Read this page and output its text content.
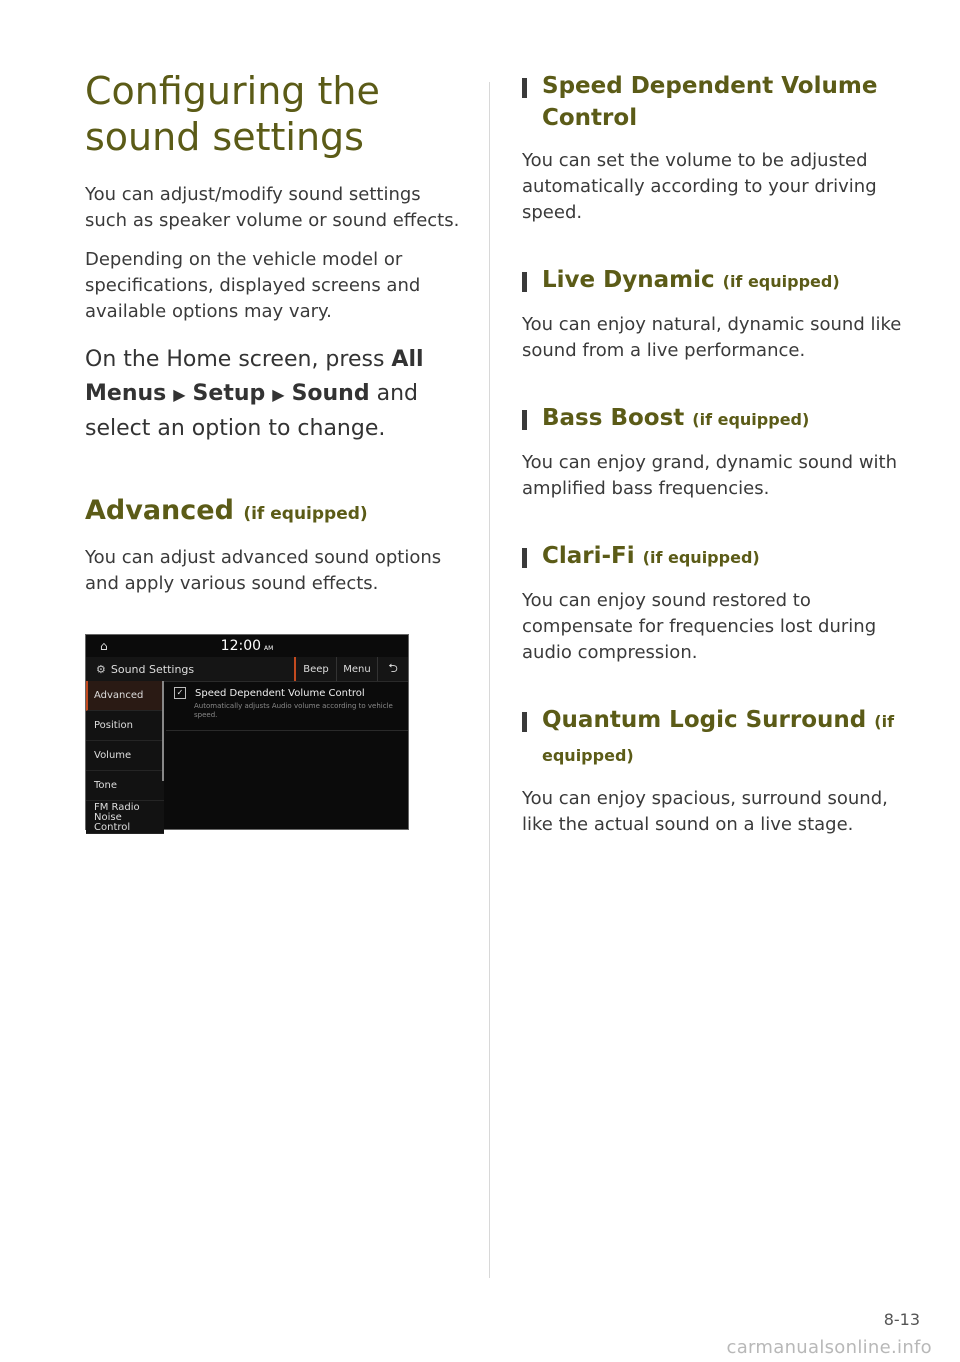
Configuring the sound settings

You can adjust/modify sound settings such as speaker volume or sound effects.

Depending on the vehicle model or specifications, displayed screens and available options may vary.

On the Home screen, press All Menus ▶ Setup ▶ Sound and select an option to change.

Advanced (if equipped)

You can adjust advanced sound options and apply various sound effects.

⌂	12:00 AM
⚙ Sound Settings	Beep	Menu	⮌
Advanced
Position
Volume
Tone
FM Radio
Noise
Control
✓ Speed Dependent Volume Control
Automatically adjusts Audio volume according to vehicle speed.
Speed Dependent Volume Control
You can set the volume to be adjusted automatically according to your driving speed.
Live Dynamic (if equipped)
You can enjoy natural, dynamic sound like sound from a live performance.
Bass Boost (if equipped)
You can enjoy grand, dynamic sound with amplified bass frequencies.
Clari-Fi (if equipped)
You can enjoy sound restored to compensate for frequencies lost during audio compression.
Quantum Logic Surround (if equipped)
You can enjoy spacious, surround sound, like the actual sound on a live stage.
8-13
carmanualsonline.info
